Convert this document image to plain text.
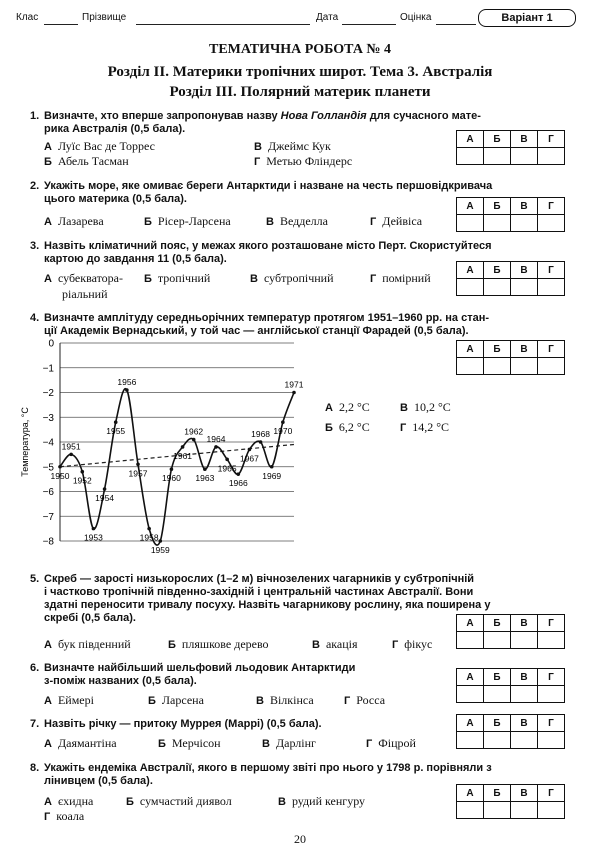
Клас	Прізвище	Дата	Оцінка	Варіант 1
ТЕМАТИЧНА РОБОТА № 4
Розділ ІІ. Материки тропічних широт. Тема 3. Австралія
Розділ ІІІ. Полярний материк планети
1. Визначте, хто вперше запропонував назву Нова Голландія для сучасного мате-
рика Австралія (0,5 бала).
А Луїс Вас де Торрес
Б Абель Тасман
В Джеймс Кук
Г Метью Фліндерс
2. Укажіть море, яке омиває береги Антарктиди і назване на честь першовідкривача
цього материка (0,5 бала).
А Лазарева	Б Рісер-Ларсена	В Ведделла	Г Дейвіса
3. Назвіть кліматичний пояс, у межах якого розташоване місто Перт. Скористуйтеся
картою до завдання 11 (0,5 бала).
А субекватора-
ріальний
Б тропічний	В субтропічний	Г помірний
4. Визначте амплітуду середньорічних температур протягом 1951–1960 рр. на стан-
ції Академік Вернадський, у той час — англійської станції Фарадей (0,5 бала).
0
−1
−2
−3
−4
−5
−6
−7
−8
Температура, °С 1950
1951
1952
1953
1954
1955
1956
1957
1958
1959
1960
1961
1962
1963
1964
1965
1966
1967
1968
1969
1970
1971
А 2,2 °С	В 10,2 °С
Б 6,2 °С	Г 14,2 °С
5. Скреб — зарості низькорослих (1–2 м) вічнозелених чагарників у субтропічній
і частково тропічній південно-західній і центральній частинах Австралії. Вони
здатні переносити тривалу посуху. Назвіть чагарникову рослину, яка поширена у
скребі (0,5 бала).
А бук південний	Б пляшкове дерево	В акація	Г фікус
6. Визначте найбільший шельфовий льодовик Антарктиди
з-поміж названих (0,5 бала).
А Еймері	Б Ларсена	В Вілкінса	Г Росса
7. Назвіть річку — притоку Муррея (Маррі) (0,5 бала).
А Даямантіна	Б Мерчісон	В Дарлінг	Г Фіцрой
8. Укажіть ендеміка Австралії, якого в першому звіті про нього у 1798 р. порівняли з
лінивцем (0,5 бала).
А єхидна	Б сумчастий диявол	В рудий кенгуру
Г коала
А	Б	В	Г

А	Б	В	Г

А	Б	В	Г

А	Б	В	Г

А	Б	В	Г

А	Б	В	Г

А	Б	В	Г

А	Б	В	Г

20
